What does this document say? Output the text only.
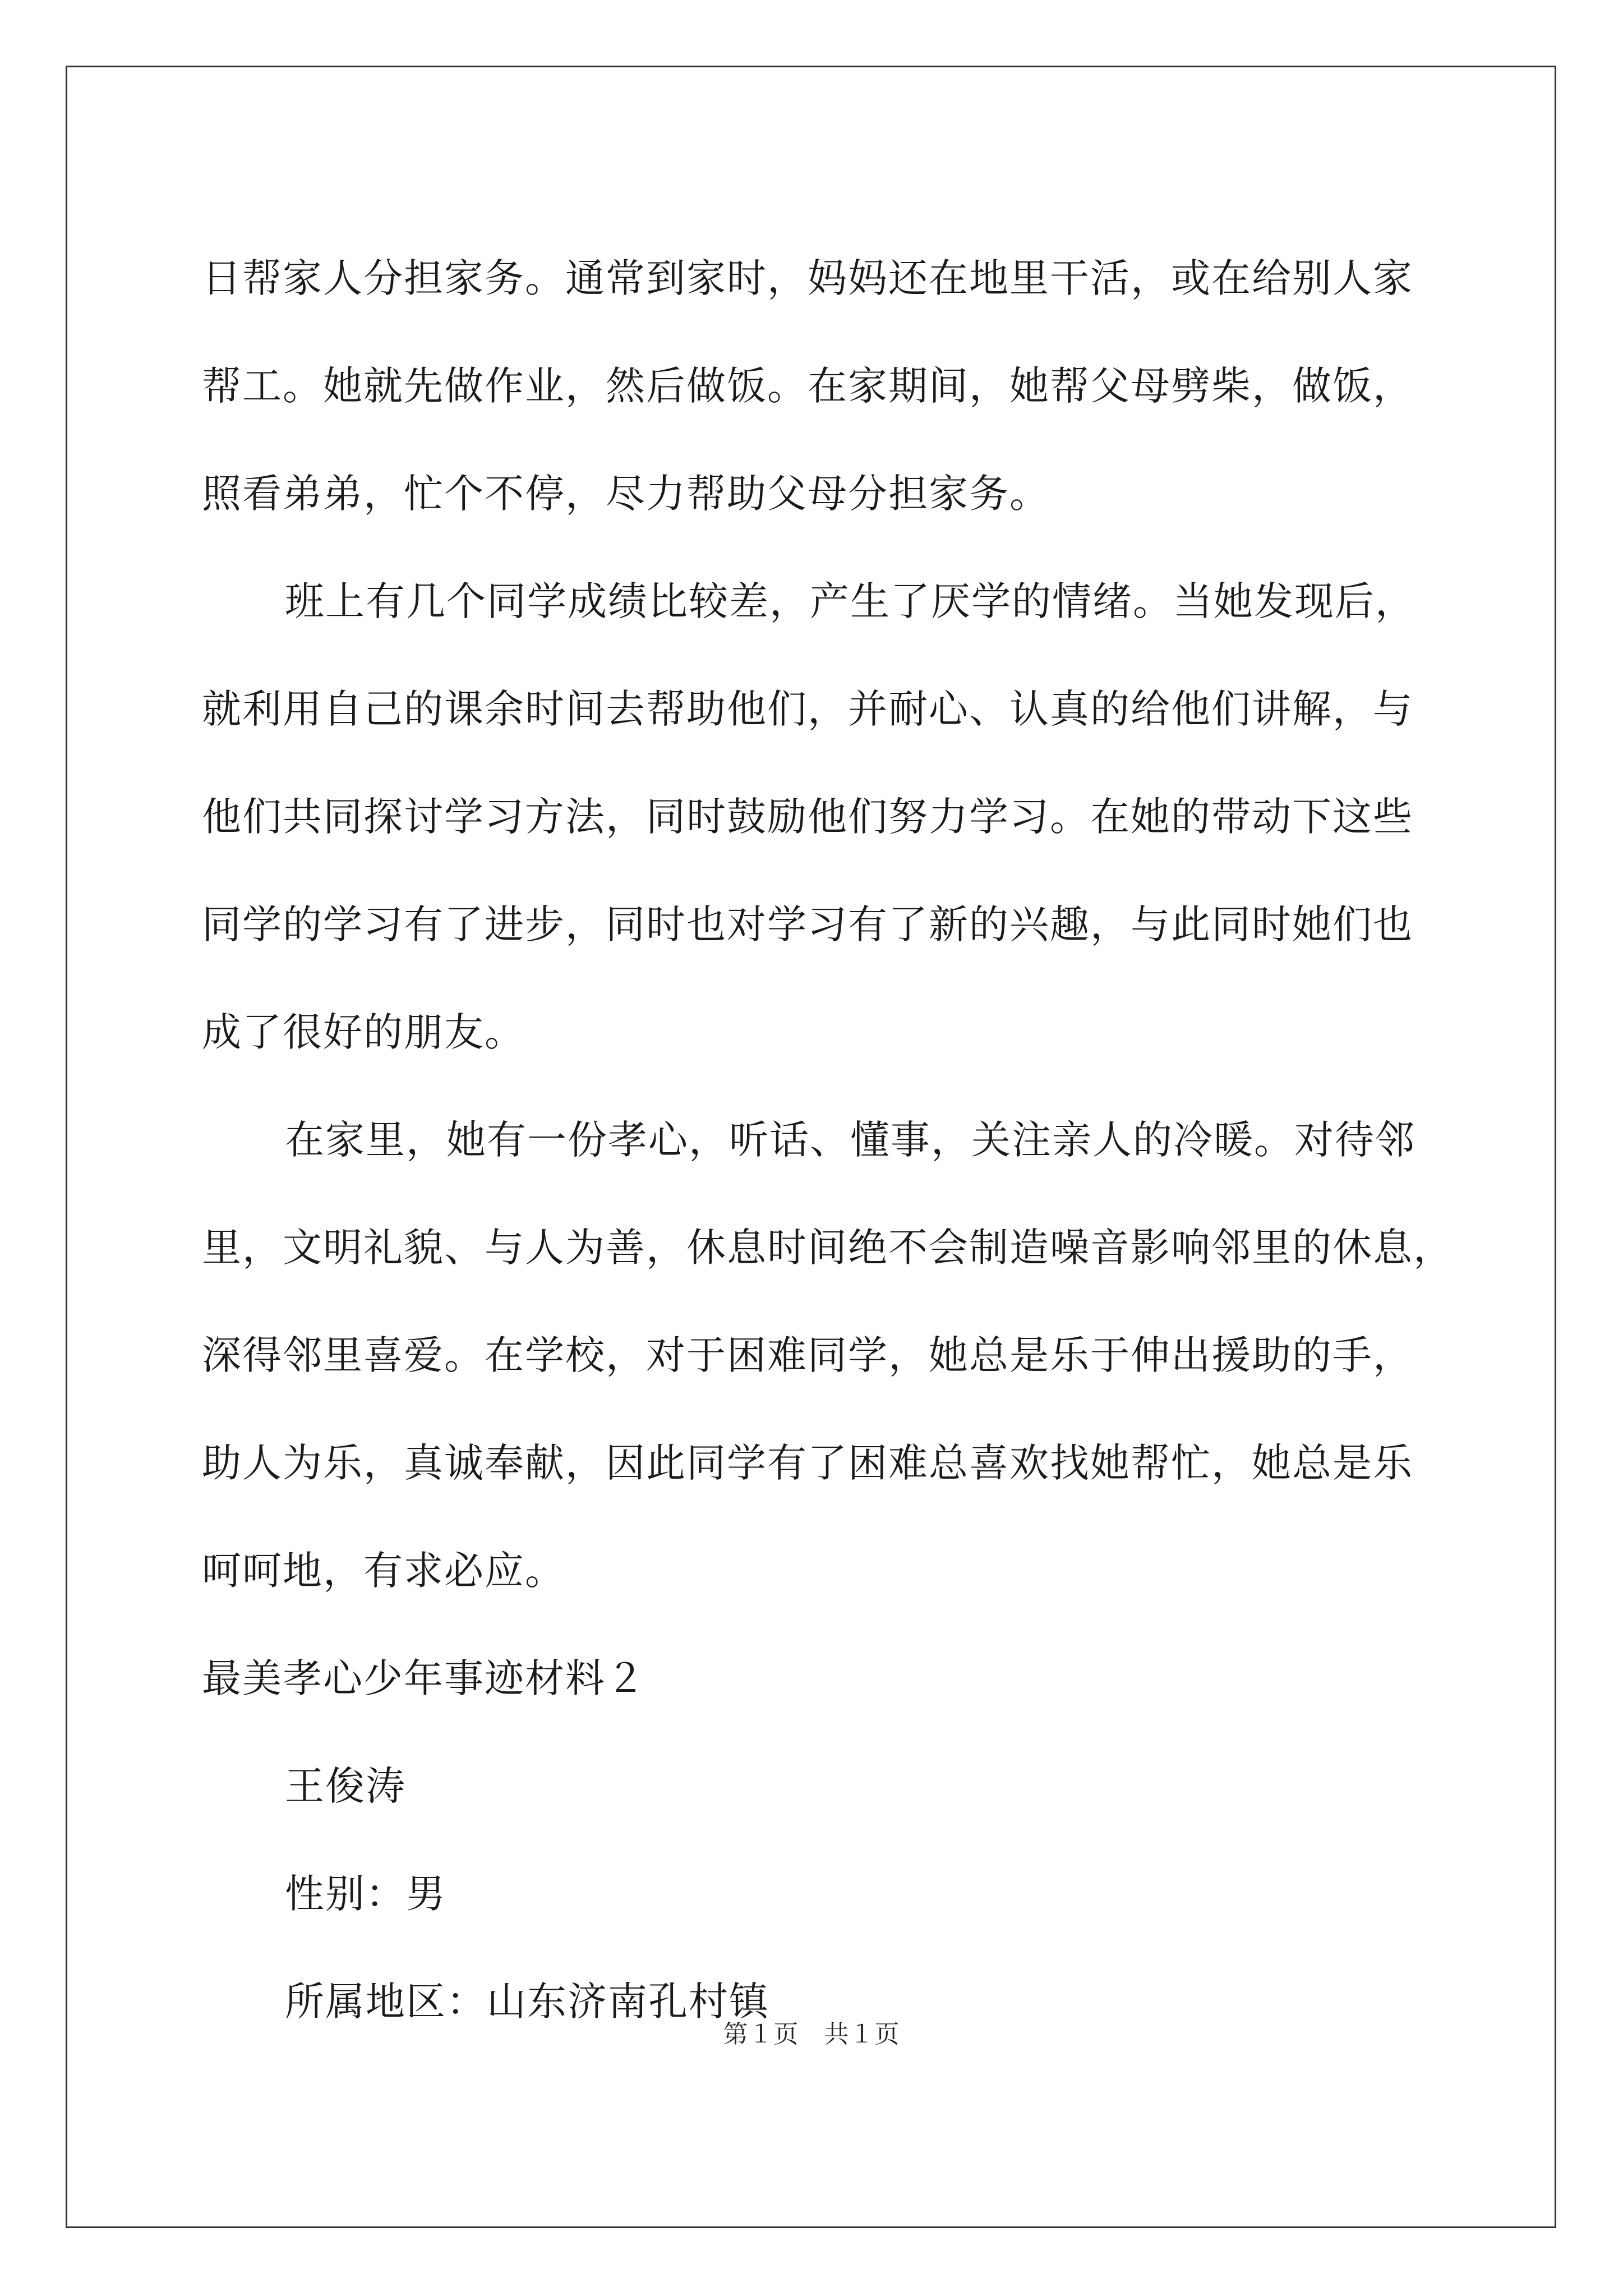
日帮家人分担家务。通常到家时，妈妈还在地里干活，或在给别人家
帮工。她就先做作业，然后做饭。在家期间，她帮父母劈柴，做饭，
照看弟弟，忙个不停，尽力帮助父母分担家务。
班上有几个同学成绩比较差，产生了厌学的情绪。当她发现后，
就利用自己的课余时间去帮助他们，并耐心、认真的给他们讲解，与
他们共同探讨学习方法，同时鼓励他们努力学习。在她的带动下这些
同学的学习有了进步，同时也对学习有了新的兴趣，与此同时她们也
成了很好的朋友。
在家里，她有一份孝心，听话、懂事，关注亲人的冷暖。对待邻
里，文明礼貌、与人为善，休息时间绝不会制造噪音影响邻里的休息，
深得邻里喜爱。在学校，对于困难同学，她总是乐于伸出援助的手，
助人为乐，真诚奉献，因此同学有了困难总喜欢找她帮忙，她总是乐
呵呵地，有求必应。
最美孝心少年事迹材料２
王俊涛
性别：男
所属地区：山东济南孔村镇
第１页　共１页
